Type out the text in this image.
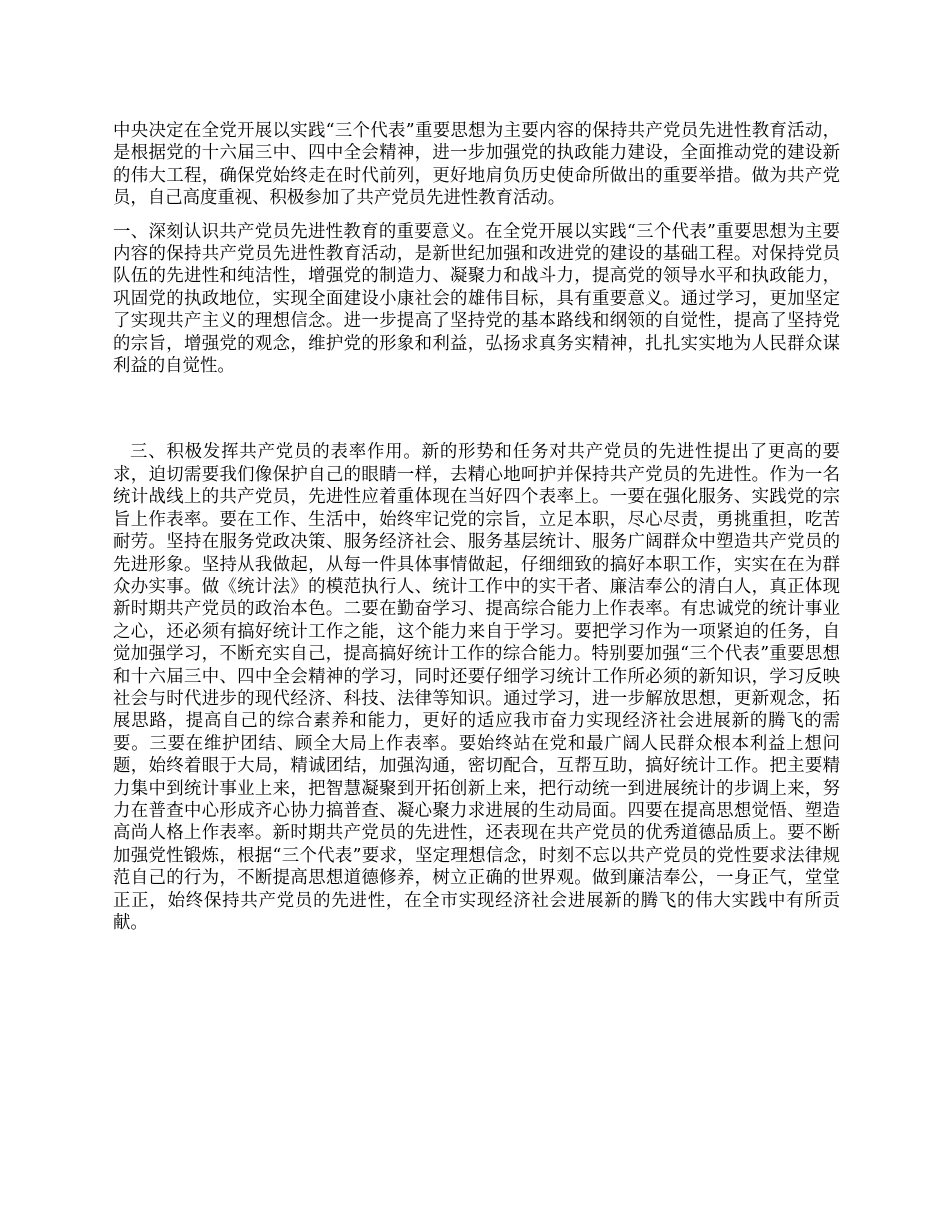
中央决定在全党开展以实践“三个代表”重要思想为主要内容的保持共产党员先进性教育活动，是根据党的十六届三中、四中全会精神，进一步加强党的执政能力建设，全面推动党的建设新的伟大工程，确保党始终走在时代前列，更好地肩负历史使命所做出的重要举措。做为共产党员，自己高度重视、积极参加了共产党员先进性教育活动。

一、深刻认识共产党员先进性教育的重要意义。在全党开展以实践“三个代表”重要思想为主要内容的保持共产党员先进性教育活动，是新世纪加强和改进党的建设的基础工程。对保持党员队伍的先进性和纯洁性，增强党的制造力、凝聚力和战斗力，提高党的领导水平和执政能力，巩固党的执政地位，实现全面建设小康社会的雄伟目标，具有重要意义。通过学习，更加坚定了实现共产主义的理想信念。进一步提高了坚持党的基本路线和纲领的自觉性，提高了坚持党的宗旨，增强党的观念，维护党的形象和利益，弘扬求真务实精神，扎扎实实地为人民群众谋利益的自觉性。

三、积极发挥共产党员的表率作用。新的形势和任务对共产党员的先进性提出了更高的要求，迫切需要我们像保护自己的眼睛一样，去精心地呵护并保持共产党员的先进性。作为一名统计战线上的共产党员，先进性应着重体现在当好四个表率上。一要在强化服务、实践党的宗旨上作表率。要在工作、生活中，始终牢记党的宗旨，立足本职，尽心尽责，勇挑重担，吃苦耐劳。坚持在服务党政决策、服务经济社会、服务基层统计、服务广阔群众中塑造共产党员的先进形象。坚持从我做起，从每一件具体事情做起，仔细细致的搞好本职工作，实实在在为群众办实事。做《统计法》的模范执行人、统计工作中的实干者、廉洁奉公的清白人，真正体现新时期共产党员的政治本色。二要在勤奋学习、提高综合能力上作表率。有忠诚党的统计事业之心，还必须有搞好统计工作之能，这个能力来自于学习。要把学习作为一项紧迫的任务，自觉加强学习，不断充实自己，提高搞好统计工作的综合能力。特别要加强“三个代表”重要思想和十六届三中、四中全会精神的学习，同时还要仔细学习统计工作所必须的新知识，学习反映社会与时代进步的现代经济、科技、法律等知识。通过学习，进一步解放思想，更新观念，拓展思路，提高自己的综合素养和能力，更好的适应我市奋力实现经济社会进展新的腾飞的需要。三要在维护团结、顾全大局上作表率。要始终站在党和最广阔人民群众根本利益上想问题，始终着眼于大局，精诚团结，加强沟通，密切配合，互帮互助，搞好统计工作。把主要精力集中到统计事业上来，把智慧凝聚到开拓创新上来，把行动统一到进展统计的步调上来，努力在普查中心形成齐心协力搞普查、凝心聚力求进展的生动局面。四要在提高思想觉悟、塑造高尚人格上作表率。新时期共产党员的先进性，还表现在共产党员的优秀道德品质上。要不断加强党性锻炼，根据“三个代表”要求，坚定理想信念，时刻不忘以共产党员的党性要求法律规范自己的行为，不断提高思想道德修养，树立正确的世界观。做到廉洁奉公，一身正气，堂堂正正，始终保持共产党员的先进性，在全市实现经济社会进展新的腾飞的伟大实践中有所贡献。
